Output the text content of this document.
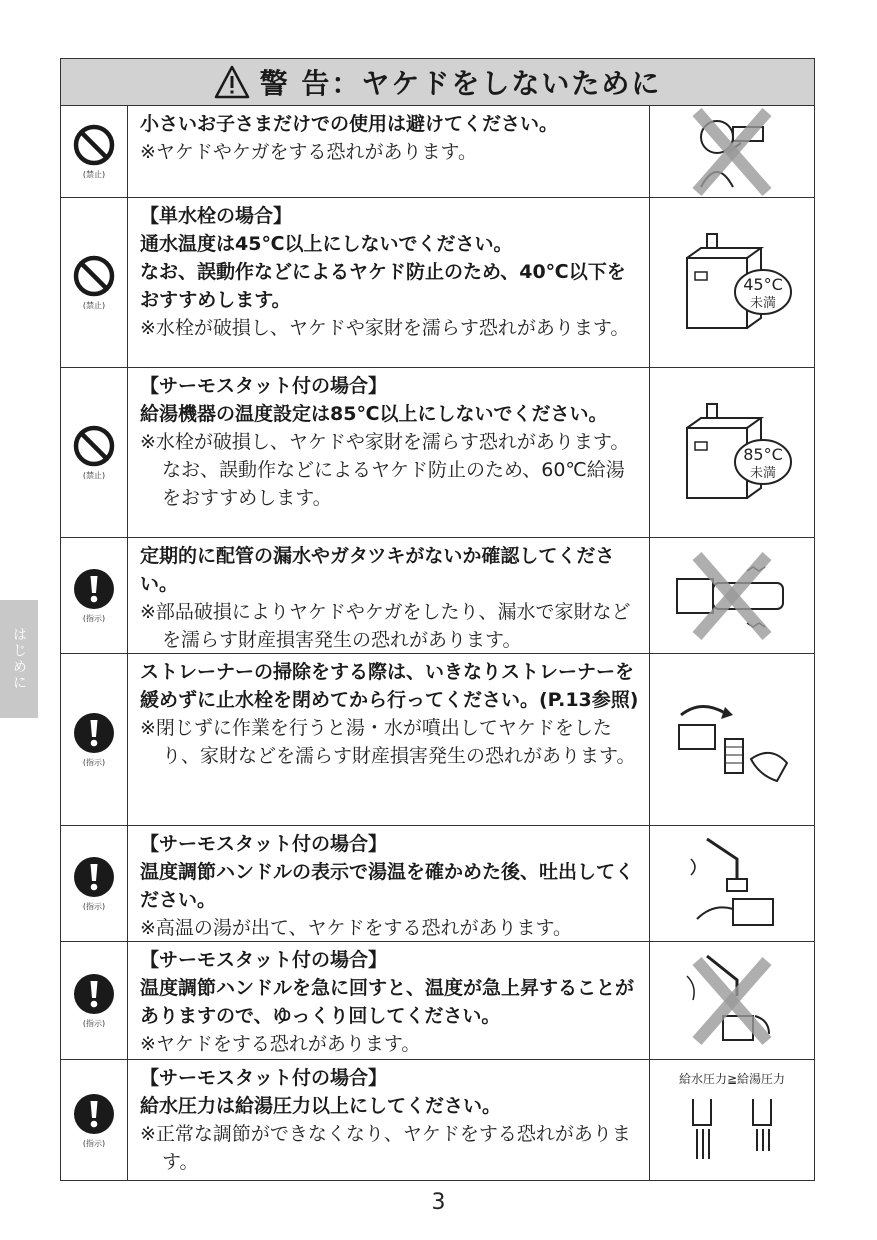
はじめに
警 告：ヤケドをしないために
(禁止)
小さいお子さまだけでの使用は避けてください。
※ヤケドやケガをする恐れがあります。
(禁止)
【単水栓の場合】
通水温度は45℃以上にしないでください。
なお、誤動作などによるヤケド防止のため、40℃以下をおすすめします。
※水栓が破損し、ヤケドや家財を濡らす恐れがあります。
45°C
未満
(禁止)
【サーモスタット付の場合】
給湯機器の温度設定は85℃以上にしないでください。
※水栓が破損し、ヤケドや家財を濡らす恐れがあります。なお、誤動作などによるヤケド防止のため、60℃給湯をおすすめします。
85°C
未満
(指示)
定期的に配管の漏水やガタツキがないか確認してください。
※部品破損によりヤケドやケガをしたり、漏水で家財などを濡らす財産損害発生の恐れがあります。
(指示)
ストレーナーの掃除をする際は、いきなりストレーナーを緩めずに止水栓を閉めてから行ってください。(P.13参照)
※閉じずに作業を行うと湯・水が噴出してヤケドをしたり、家財などを濡らす財産損害発生の恐れがあります。
(指示)
【サーモスタット付の場合】
温度調節ハンドルの表示で湯温を確かめた後、吐出してください。
※高温の湯が出て、ヤケドをする恐れがあります。
(指示)
【サーモスタット付の場合】
温度調節ハンドルを急に回すと、温度が急上昇することがありますので、ゆっくり回してください。
※ヤケドをする恐れがあります。
(指示)
【サーモスタット付の場合】
給水圧力は給湯圧力以上にしてください。
※正常な調節ができなくなり、ヤケドをする恐れがあります。
給水圧力≧給湯圧力
3
